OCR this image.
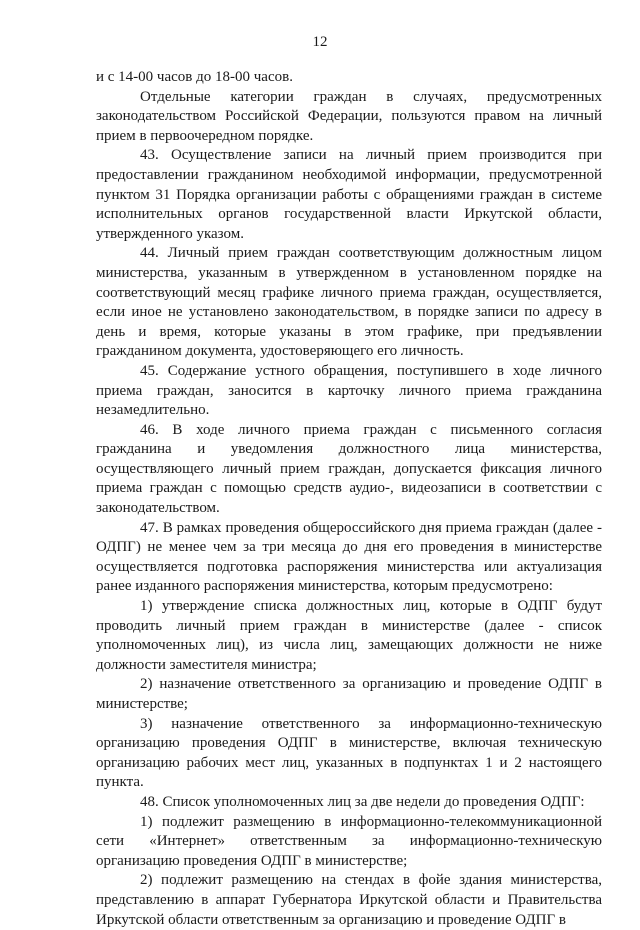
12

и с 14-00 часов до 18-00 часов.

Отдельные категории граждан в случаях, предусмотренных законодательством Российской Федерации, пользуются правом на личный прием в первоочередном порядке.

43. Осуществление записи на личный прием производится при предоставлении гражданином необходимой информации, предусмотренной пунктом 31 Порядка организации работы с обращениями граждан в системе исполнительных органов государственной власти Иркутской области, утвержденного указом.

44. Личный прием граждан соответствующим должностным лицом министерства, указанным в утвержденном в установленном порядке на соответствующий месяц графике личного приема граждан, осуществляется, если иное не установлено законодательством, в порядке записи по адресу в день и время, которые указаны в этом графике, при предъявлении гражданином документа, удостоверяющего его личность.

45. Содержание устного обращения, поступившего в ходе личного приема граждан, заносится в карточку личного приема гражданина незамедлительно.

46. В ходе личного приема граждан с письменного согласия гражданина и уведомления должностного лица министерства, осуществляющего личный прием граждан, допускается фиксация личного приема граждан с помощью средств аудио-, видеозаписи в соответствии с законодательством.

47. В рамках проведения общероссийского дня приема граждан (далее - ОДПГ) не менее чем за три месяца до дня его проведения в министерстве осуществляется подготовка распоряжения министерства или актуализация ранее изданного распоряжения министерства, которым предусмотрено:

1) утверждение списка должностных лиц, которые в ОДПГ будут проводить личный прием граждан в министерстве (далее - список уполномоченных лиц), из числа лиц, замещающих должности не ниже должности заместителя министра;

2) назначение ответственного за организацию и проведение ОДПГ в министерстве;

3) назначение ответственного за информационно-техническую организацию проведения ОДПГ в министерстве, включая техническую организацию рабочих мест лиц, указанных в подпунктах 1 и 2 настоящего пункта.

48. Список уполномоченных лиц за две недели до проведения ОДПГ:

1) подлежит размещению в информационно-телекоммуникационной сети «Интернет» ответственным за информационно-техническую организацию проведения ОДПГ в министерстве;

2) подлежит размещению на стендах в фойе здания министерства, представлению в аппарат Губернатора Иркутской области и Правительства Иркутской области ответственным за организацию и проведение ОДПГ в
